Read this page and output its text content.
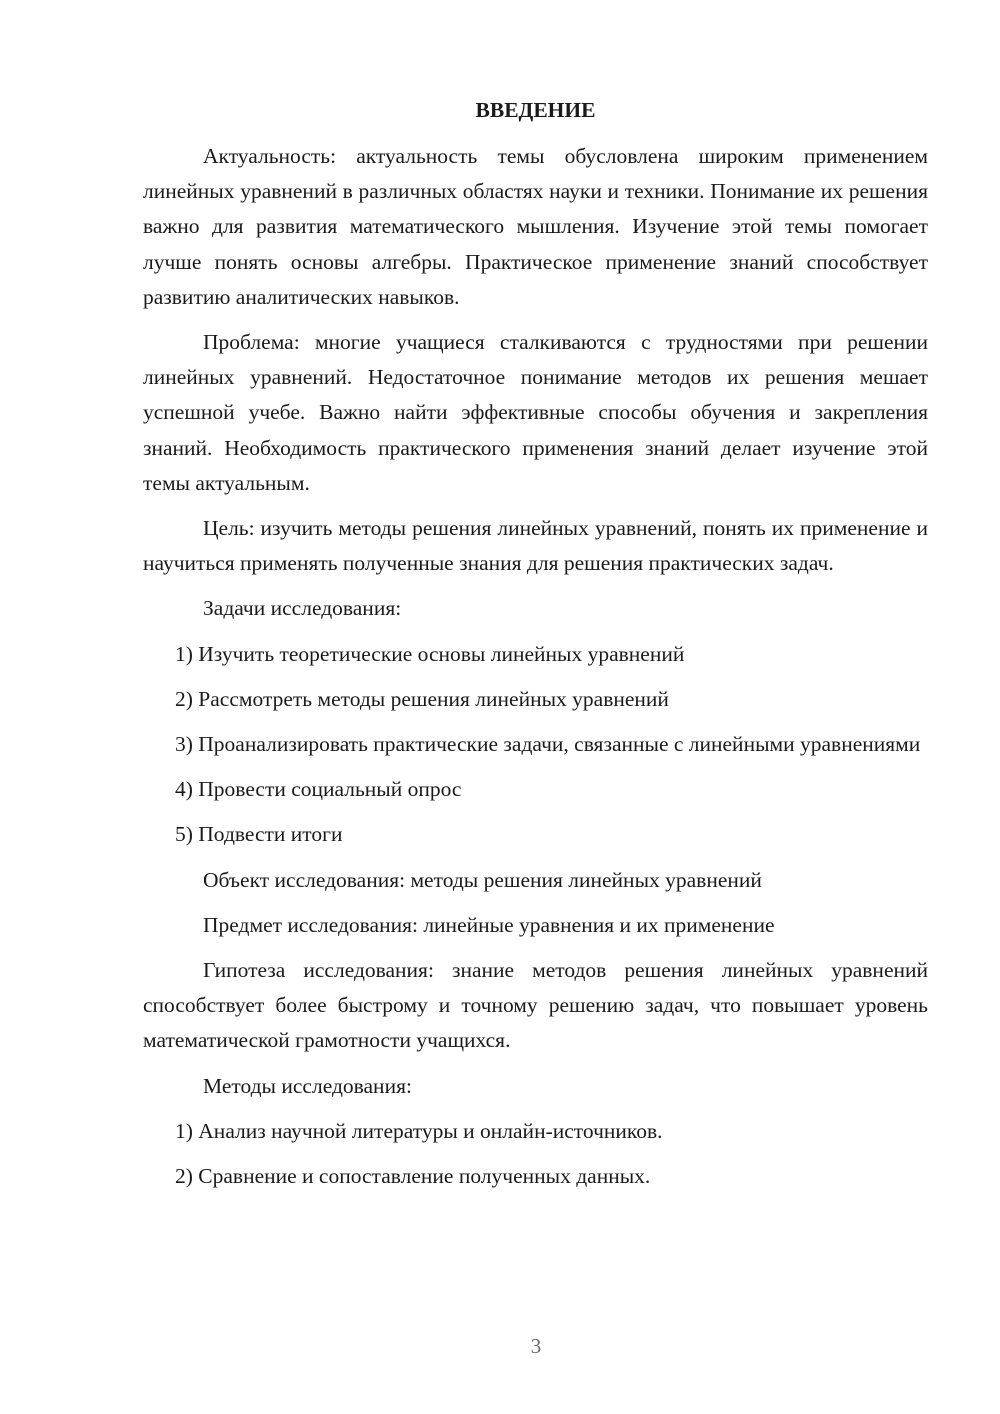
ВВЕДЕНИЕ

Актуальность: актуальность темы обусловлена широким применением линейных уравнений в различных областях науки и техники. Понимание их решения важно для развития математического мышления. Изучение этой темы помогает лучше понять основы алгебры. Практическое применение знаний способствует развитию аналитических навыков.

Проблема: многие учащиеся сталкиваются с трудностями при решении линейных уравнений. Недостаточное понимание методов их решения мешает успешной учебе. Важно найти эффективные способы обучения и закрепления знаний. Необходимость практического применения знаний делает изучение этой темы актуальным.

Цель: изучить методы решения линейных уравнений, понять их применение и научиться применять полученные знания для решения практических задач.

Задачи исследования:

1) Изучить теоретические основы линейных уравнений

2) Рассмотреть методы решения линейных уравнений

3) Проанализировать практические задачи, связанные с линейными уравнениями

4) Провести социальный опрос

5) Подвести итоги

Объект исследования: методы решения линейных уравнений

Предмет исследования: линейные уравнения и их применение

Гипотеза исследования: знание методов решения линейных уравнений способствует более быстрому и точному решению задач, что повышает уровень математической грамотности учащихся.

Методы исследования:

1) Анализ научной литературы и онлайн-источников.

2) Сравнение и сопоставление полученных данных.

3
